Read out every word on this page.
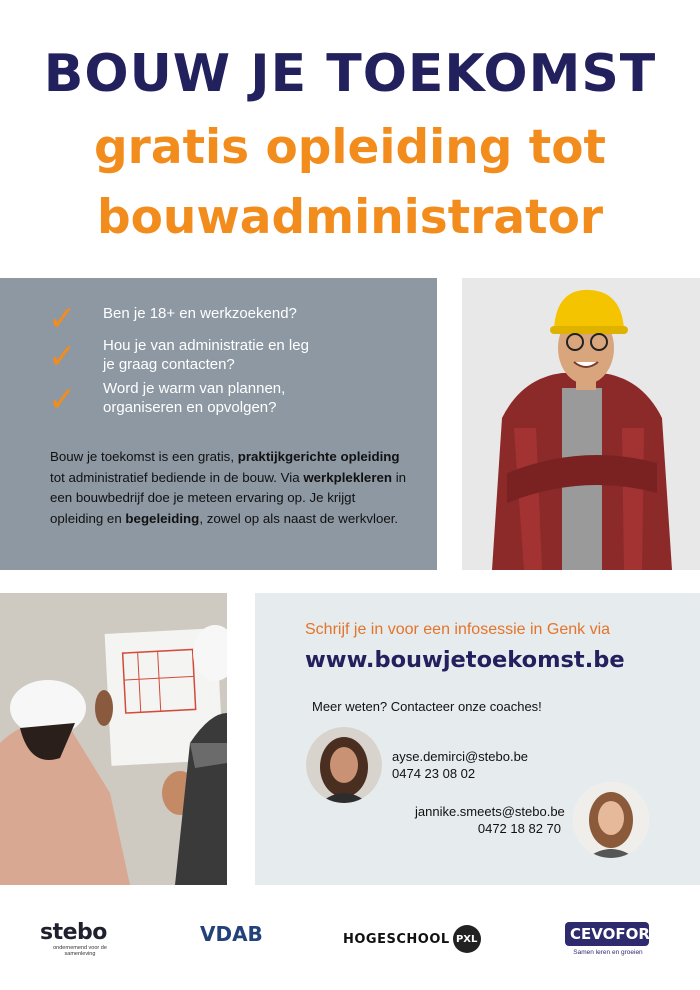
BOUW JE TOEKOMST
gratis opleiding tot
bouwadministrator
✓	Ben je 18+ en werkzoekend?
✓	Hou je van administratie en leg je graag contacten?
✓	Word je warm van plannen, organiseren en opvolgen?

Bouw je toekomst is een gratis, praktijkgerichte opleiding tot administratief bediende in de bouw. Via werkplekleren in een bouwbedrijf doe je meteen ervaring op. Je krijgt opleiding en begeleiding, zowel op als naast de werkvloer.

Schrijf je in voor een infosessie in Genk via
www.bouwjetoekomst.be
Meer weten? Contacteer onze coaches!
ayse.demirci@stebo.be
0474 23 08 02
jannike.smeets@stebo.be
0472 18 82 70
stebo
ondernemend voor de samenleving
VDAB	HOGESCHOOL PXL	CEVOFORA
Samen leren en groeien
